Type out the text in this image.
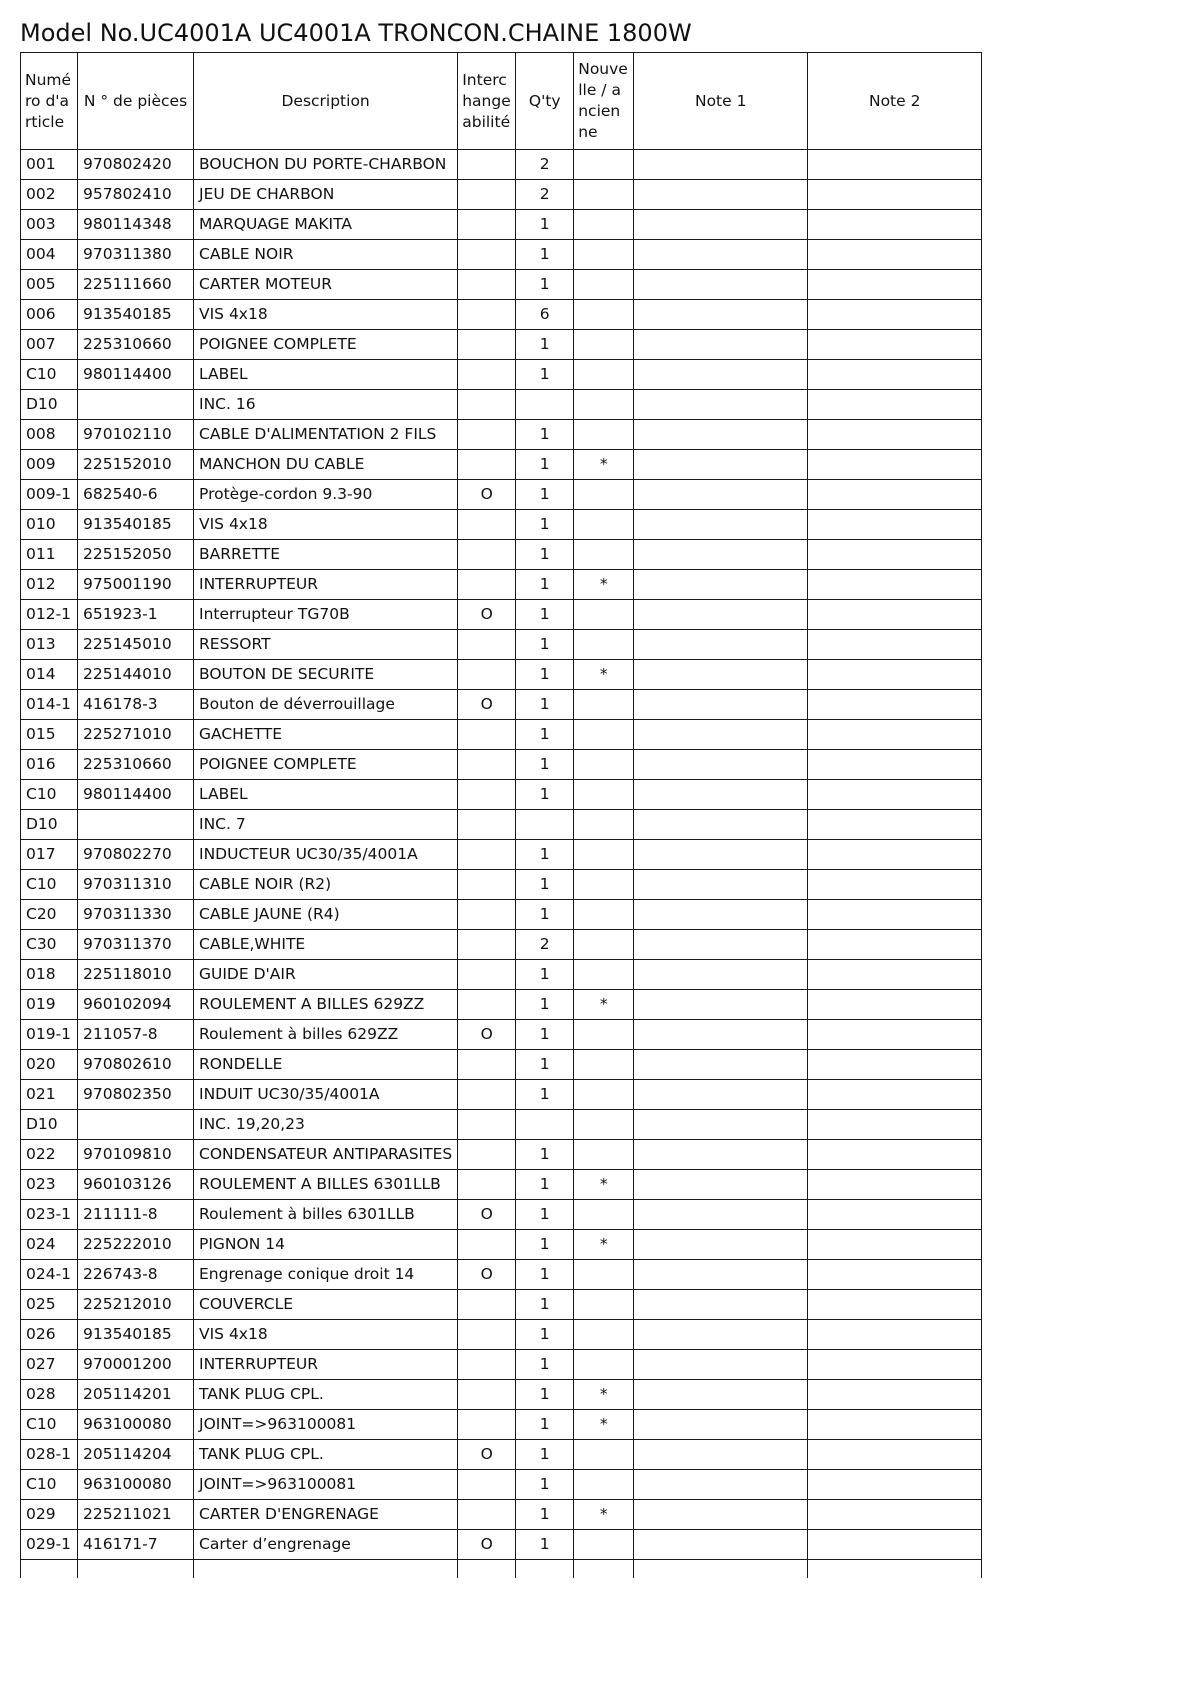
Model No.UC4001A UC4001A TRONCON.CHAINE 1800W
Numéro d'article	N ° de pièces	Description	Interchangeabilité	Q'ty	Nouvelle / ancienne	Note 1	Note 2
001	970802420	BOUCHON DU PORTE-CHARBON		2			
002	957802410	JEU DE CHARBON		2			
003	980114348	MARQUAGE MAKITA		1			
004	970311380	CABLE NOIR		1			
005	225111660	CARTER MOTEUR		1			
006	913540185	VIS 4x18		6			
007	225310660	POIGNEE COMPLETE		1			
C10	980114400	LABEL		1			
D10		INC. 16					
008	970102110	CABLE D'ALIMENTATION 2 FILS		1			
009	225152010	MANCHON DU CABLE		1	*		
009-1	682540-6	Protège-cordon 9.3-90	O	1			
010	913540185	VIS 4x18		1			
011	225152050	BARRETTE		1			
012	975001190	INTERRUPTEUR		1	*		
012-1	651923-1	Interrupteur TG70B	O	1			
013	225145010	RESSORT		1			
014	225144010	BOUTON DE SECURITE		1	*		
014-1	416178-3	Bouton de déverrouillage	O	1			
015	225271010	GACHETTE		1			
016	225310660	POIGNEE COMPLETE		1			
C10	980114400	LABEL		1			
D10		INC. 7					
017	970802270	INDUCTEUR UC30/35/4001A		1			
C10	970311310	CABLE NOIR (R2)		1			
C20	970311330	CABLE JAUNE (R4)		1			
C30	970311370	CABLE,WHITE		2			
018	225118010	GUIDE D'AIR		1			
019	960102094	ROULEMENT A BILLES 629ZZ		1	*		
019-1	211057-8	Roulement à billes 629ZZ	O	1			
020	970802610	RONDELLE		1			
021	970802350	INDUIT UC30/35/4001A		1			
D10		INC. 19,20,23					
022	970109810	CONDENSATEUR ANTIPARASITES		1			
023	960103126	ROULEMENT A BILLES 6301LLB		1	*		
023-1	211111-8	Roulement à billes 6301LLB	O	1			
024	225222010	PIGNON 14		1	*		
024-1	226743-8	Engrenage conique droit 14	O	1			
025	225212010	COUVERCLE		1			
026	913540185	VIS 4x18		1			
027	970001200	INTERRUPTEUR		1			
028	205114201	TANK PLUG CPL.		1	*		
C10	963100080	JOINT=>963100081		1	*		
028-1	205114204	TANK PLUG CPL.	O	1			
C10	963100080	JOINT=>963100081		1			
029	225211021	CARTER D'ENGRENAGE		1	*		
029-1	416171-7	Carter d’engrenage	O	1			
